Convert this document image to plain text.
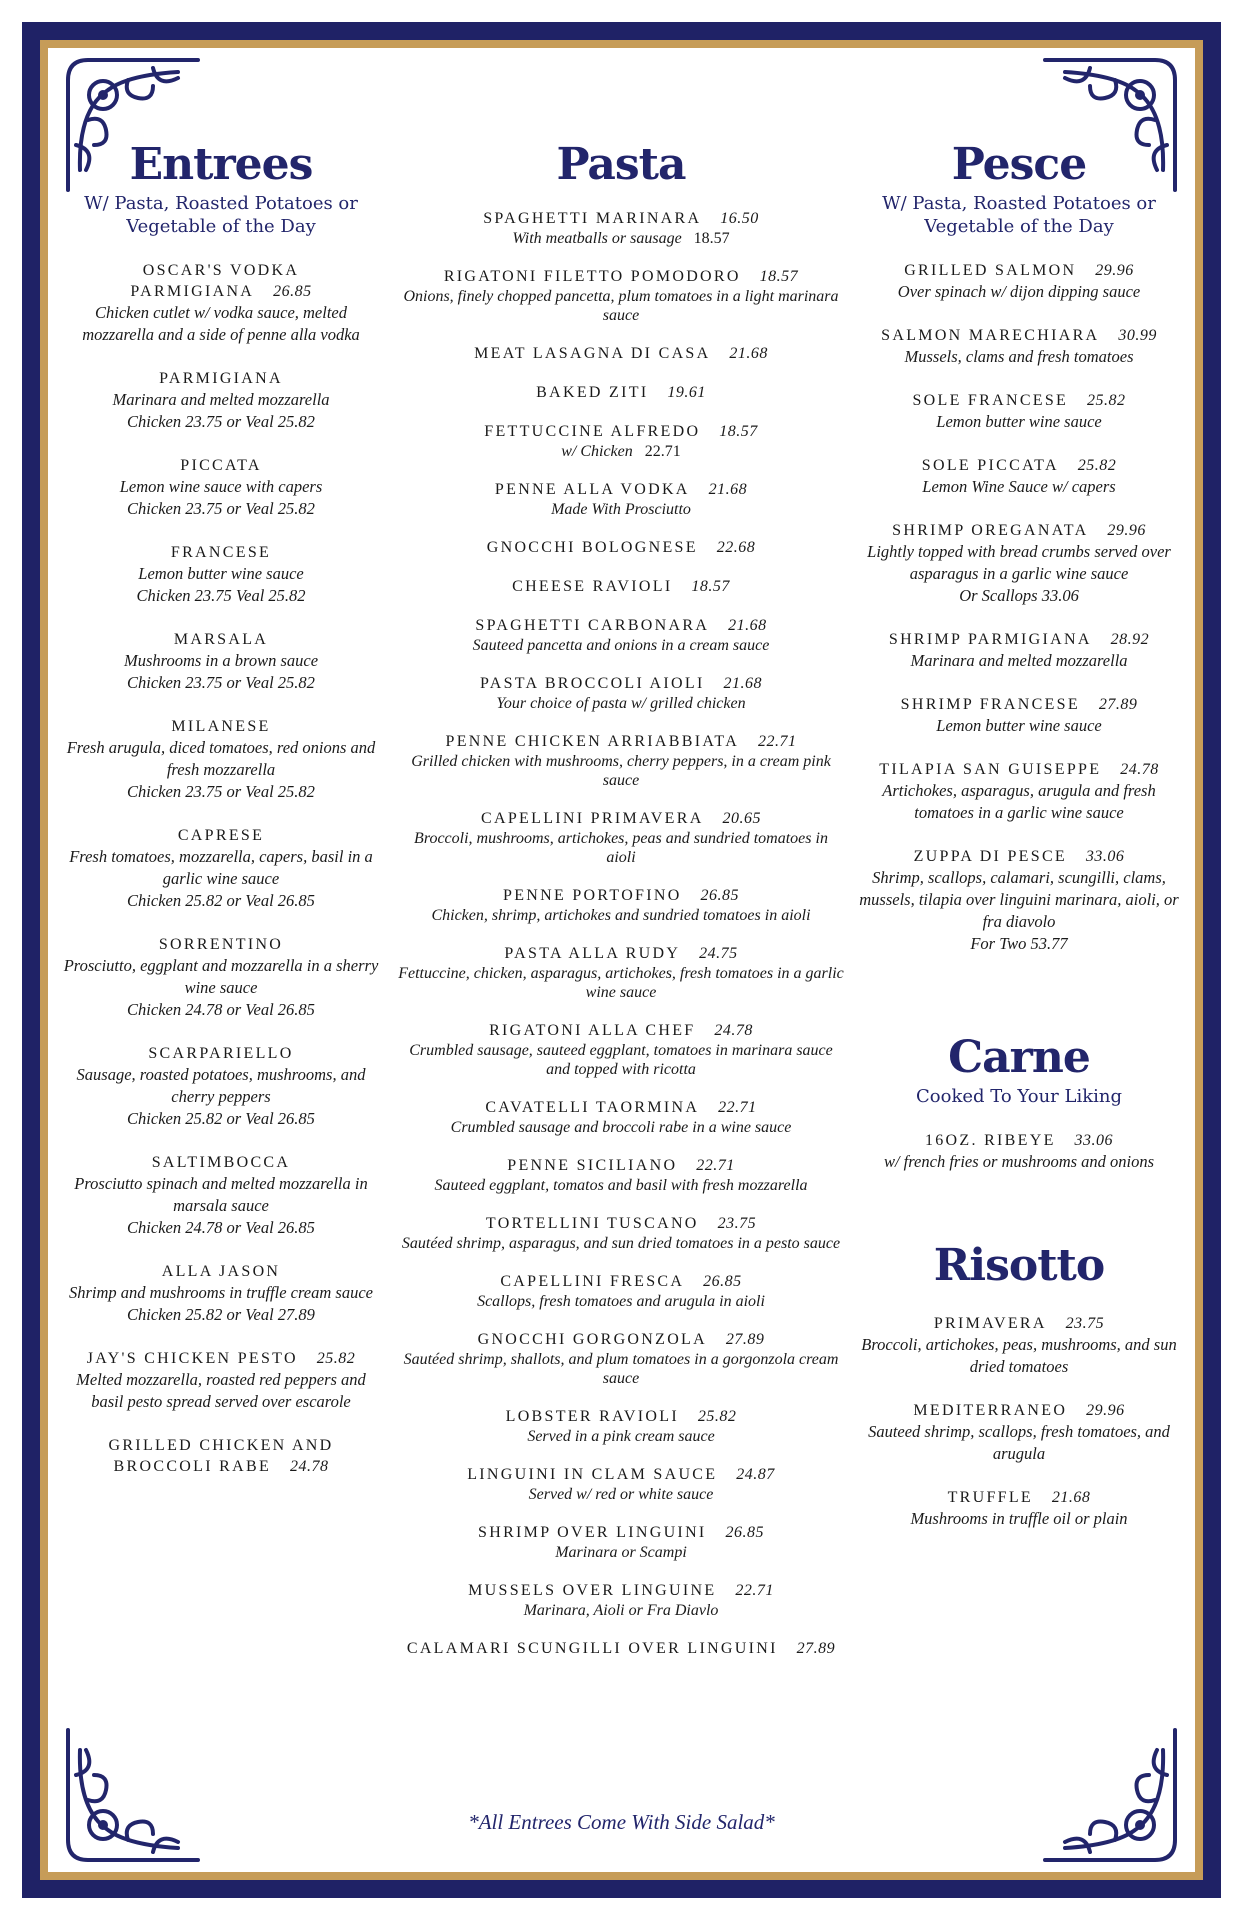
Entrees
W/ Pasta, Roasted Potatoes or Vegetable of the Day
OSCAR'S VODKA PARMIGIANA 26.85
Chicken cutlet w/ vodka sauce, melted mozzarella and a side of penne alla vodka
PARMIGIANA
Marinara and melted mozzarella
Chicken 23.75 or Veal 25.82
PICCATA
Lemon wine sauce with capers
Chicken 23.75 or Veal 25.82
FRANCESE
Lemon butter wine sauce
Chicken 23.75 Veal 25.82
MARSALA
Mushrooms in a brown sauce
Chicken 23.75 or Veal 25.82
MILANESE
Fresh arugula, diced tomatoes, red onions and fresh mozzarella
Chicken 23.75 or Veal 25.82
CAPRESE
Fresh tomatoes, mozzarella, capers, basil in a garlic wine sauce
Chicken 25.82 or Veal 26.85
SORRENTINO
Prosciutto, eggplant and mozzarella in a sherry wine sauce
Chicken 24.78 or Veal 26.85
SCARPARIELLO
Sausage, roasted potatoes, mushrooms, and cherry peppers
Chicken 25.82 or Veal 26.85
SALTIMBOCCA
Prosciutto spinach and melted mozzarella in marsala sauce
Chicken 24.78 or Veal 26.85
ALLA JASON
Shrimp and mushrooms in truffle cream sauce
Chicken 25.82 or Veal 27.89
JAY'S CHICKEN PESTO 25.82
Melted mozzarella, roasted red peppers and basil pesto spread served over escarole
GRILLED CHICKEN AND BROCCOLI RABE 24.78
Pasta
SPAGHETTI MARINARA 16.50
With meatballs or sausage 18.57
RIGATONI FILETTO POMODORO 18.57
Onions, finely chopped pancetta, plum tomatoes in a light marinara sauce
MEAT LASAGNA DI CASA 21.68
BAKED ZITI 19.61
FETTUCCINE ALFREDO 18.57
w/ Chicken 22.71
PENNE ALLA VODKA 21.68
Made With Prosciutto
GNOCCHI BOLOGNESE 22.68
CHEESE RAVIOLI 18.57
SPAGHETTI CARBONARA 21.68
Sauteed pancetta and onions in a cream sauce
PASTA BROCCOLI AIOLI 21.68
Your choice of pasta w/ grilled chicken
PENNE CHICKEN ARRIABBIATA 22.71
Grilled chicken with mushrooms, cherry peppers, in a cream pink sauce
CAPELLINI PRIMAVERA 20.65
Broccoli, mushrooms, artichokes, peas and sundried tomatoes in aioli
PENNE PORTOFINO 26.85
Chicken, shrimp, artichokes and sundried tomatoes in aioli
PASTA ALLA RUDY 24.75
Fettuccine, chicken, asparagus, artichokes, fresh tomatoes in a garlic wine sauce
RIGATONI ALLA CHEF 24.78
Crumbled sausage, sauteed eggplant, tomatoes in marinara sauce and topped with ricotta
CAVATELLI TAORMINA 22.71
Crumbled sausage and broccoli rabe in a wine sauce
PENNE SICILIANO 22.71
Sauteed eggplant, tomatos and basil with fresh mozzarella
TORTELLINI TUSCANO 23.75
Sautéed shrimp, asparagus, and sun dried tomatoes in a pesto sauce
CAPELLINI FRESCA 26.85
Scallops, fresh tomatoes and arugula in aioli
GNOCCHI GORGONZOLA 27.89
Sautéed shrimp, shallots, and plum tomatoes in a gorgonzola cream sauce
LOBSTER RAVIOLI 25.82
Served in a pink cream sauce
LINGUINI IN CLAM SAUCE 24.87
Served w/ red or white sauce
SHRIMP OVER LINGUINI 26.85
Marinara or Scampi
MUSSELS OVER LINGUINE 22.71
Marinara, Aioli or Fra Diavlo
CALAMARI SCUNGILLI OVER LINGUINI 27.89
Pesce
W/ Pasta, Roasted Potatoes or Vegetable of the Day
GRILLED SALMON 29.96
Over spinach w/ dijon dipping sauce
SALMON MARECHIARA 30.99
Mussels, clams and fresh tomatoes
SOLE FRANCESE 25.82
Lemon butter wine sauce
SOLE PICCATA 25.82
Lemon Wine Sauce w/ capers
SHRIMP OREGANATA 29.96
Lightly topped with bread crumbs served over asparagus in a garlic wine sauce
Or Scallops 33.06
SHRIMP PARMIGIANA 28.92
Marinara and melted mozzarella
SHRIMP FRANCESE 27.89
Lemon butter wine sauce
TILAPIA SAN GUISEPPE 24.78
Artichokes, asparagus, arugula and fresh tomatoes in a garlic wine sauce
ZUPPA DI PESCE 33.06
Shrimp, scallops, calamari, scungilli, clams, mussels, tilapia over linguini marinara, aioli, or fra diavolo
For Two 53.77
Carne
Cooked To Your Liking
16OZ. RIBEYE 33.06
w/ french fries or mushrooms and onions
Risotto
PRIMAVERA 23.75
Broccoli, artichokes, peas, mushrooms, and sun dried tomatoes
MEDITERRANEO 29.96
Sauteed shrimp, scallops, fresh tomatoes, and arugula
TRUFFLE 21.68
Mushrooms in truffle oil or plain
*All Entrees Come With Side Salad*
